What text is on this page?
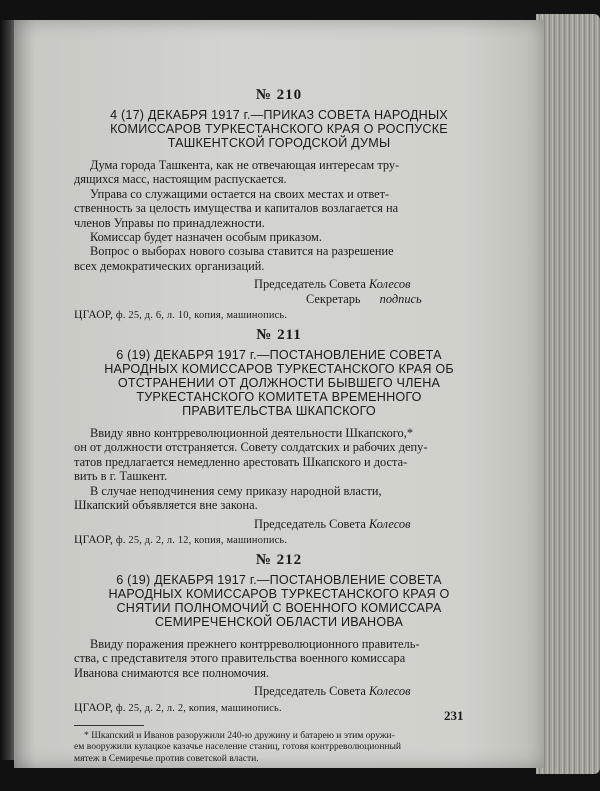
№ 210
4 (17) ДЕКАБРЯ 1917 г.—ПРИКАЗ СОВЕТА НАРОДНЫХ
КОМИССАРОВ ТУРКЕСТАНСКОГО КРАЯ О РОСПУСКЕ
ТАШКЕНТСКОЙ ГОРОДСКОЙ ДУМЫ

Дума города Ташкента, как не отвечающая интересам тру-
дящихся масс, настоящим распускается.

Управа со служащими остается на своих местах и ответ-
ственность за целость имущества и капиталов возлагается на
членов Управы по принадлежности.

Комиссар будет назначен особым приказом.

Вопрос о выборах нового созыва ставится на разрешение
всех демократических организаций.

Председатель Совета Колесов

Секретарь подпись

ЦГАОР, ф. 25, д. 6, л. 10, копия, машинопись.

№ 211
6 (19) ДЕКАБРЯ 1917 г.—ПОСТАНОВЛЕНИЕ СОВЕТА
НАРОДНЫХ КОМИССАРОВ ТУРКЕСТАНСКОГО КРАЯ ОБ
ОТСТРАНЕНИИ ОТ ДОЛЖНОСТИ БЫВШЕГО ЧЛЕНА
ТУРКЕСТАНСКОГО КОМИТЕТА ВРЕМЕННОГО
ПРАВИТЕЛЬСТВА ШКАПСКОГО

Ввиду явно контрреволюционной деятельности Шкапского,*
он от должности отстраняется. Совету солдатских и рабочих депу-
татов предлагается немедленно арестовать Шкапского и доста-
вить в г. Ташкент.

В случае неподчинения сему приказу народной власти,
Шкапский объявляется вне закона.

Председатель Совета Колесов

ЦГАОР, ф. 25, д. 2, л. 12, копия, машинопись.

№ 212
6 (19) ДЕКАБРЯ 1917 г.—ПОСТАНОВЛЕНИЕ СОВЕТА
НАРОДНЫХ КОМИССАРОВ ТУРКЕСТАНСКОГО КРАЯ О
СНЯТИИ ПОЛНОМОЧИЙ С ВОЕННОГО КОМИССАРА
СЕМИРЕЧЕНСКОЙ ОБЛАСТИ ИВАНОВА

Ввиду поражения прежнего контрреволюционного правитель-
ства, с представителя этого правительства военного комиссара
Иванова снимаются все полномочия.

Председатель Совета Колесов

ЦГАОР, ф. 25, д. 2, л. 2, копия, машинопись.

* Шкапский и Иванов разоружили 240-ю дружину и батарею и этим оружи-
ем вооружили кулацкое казачье население станиц, готовя контрреволюционный
мятеж в Семиречье против советской власти.

231
